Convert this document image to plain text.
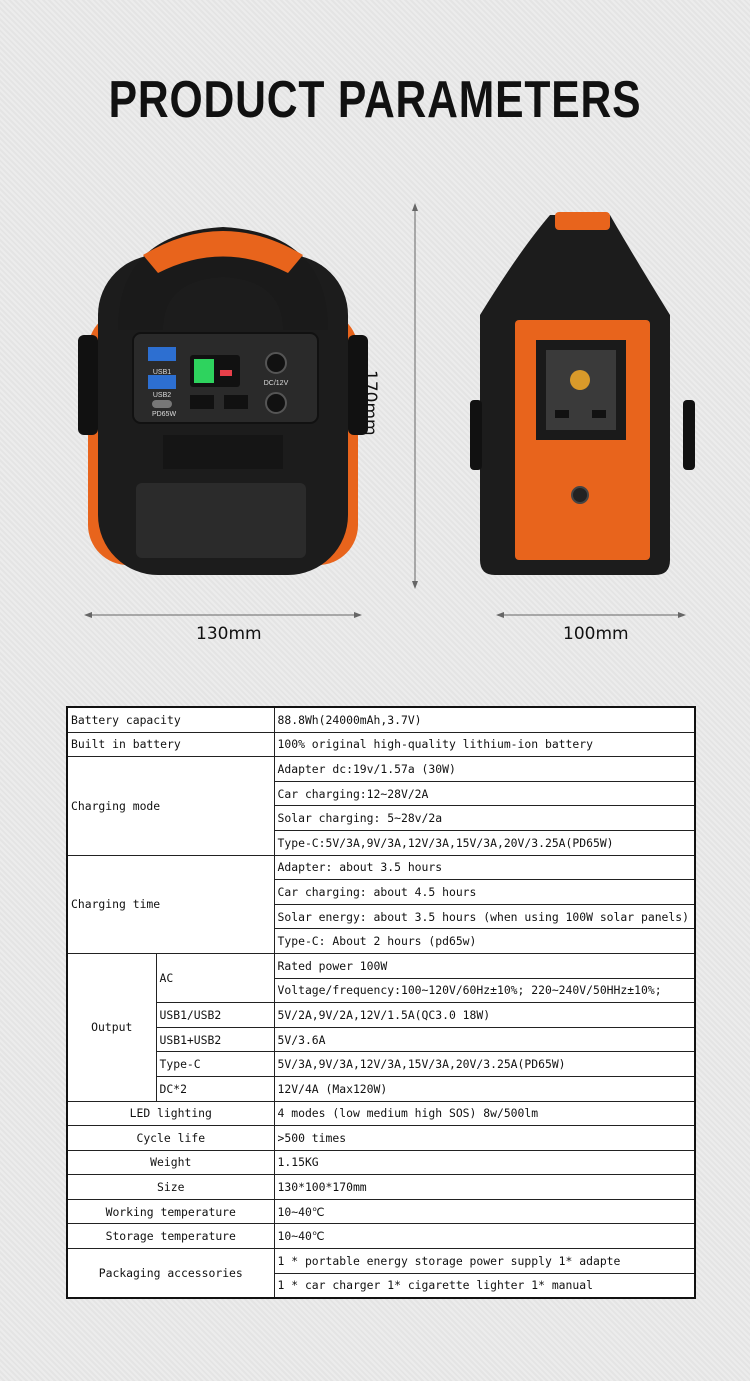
PRODUCT PARAMETERS
USB1
USB2
PD65W
DC/12V
130mm	100mm
170mm
Battery capacity		88.8Wh(24000mAh,3.7V)
Built in battery		100% original high-quality lithium-ion battery
Charging mode		Adapter dc:19v/1.57a (30W)
		Car charging:12~28V/2A
		Solar charging: 5~28v/2a
		Type-C:5V/3A,9V/3A,12V/3A,15V/3A,20V/3.25A(PD65W)
Charging time		Adapter: about 3.5 hours
		Car charging: about 4.5 hours
		Solar energy: about 3.5 hours (when using 100W solar panels)
		Type-C: About 2 hours (pd65w)
Output	AC	Rated power 100W
		Voltage/frequency:100~120V/60Hz±10%; 220~240V/50HHz±10%;
	USB1/USB2	5V/2A,9V/2A,12V/1.5A(QC3.0 18W)
	USB1+USB2	5V/3.6A
	Type-C	5V/3A,9V/3A,12V/3A,15V/3A,20V/3.25A(PD65W)
	DC*2	12V/4A (Max120W)
LED lighting		4 modes (low medium high SOS) 8w/500lm
Cycle life		>500 times
Weight		1.15KG
Size		130*100*170mm
Working temperature		10~40℃
Storage temperature		10~40℃
Packaging accessories		1 * portable energy storage power supply 1* adapte
		1 * car charger 1* cigarette lighter 1* manual
